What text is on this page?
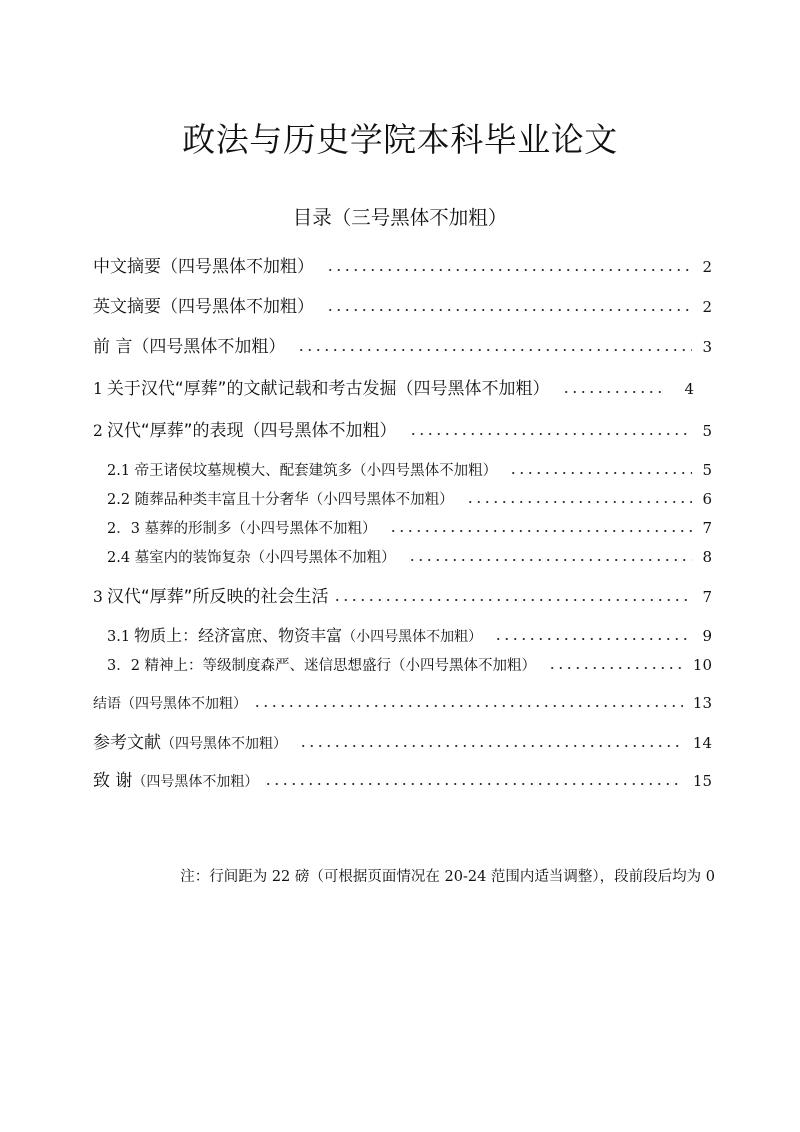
政法与历史学院本科毕业论文
目录（三号黑体不加粗）
中文摘要（四号黑体不加粗）	2
英文摘要（四号黑体不加粗）	2
前 言（四号黑体不加粗）	3
1 关于汉代“厚葬”的文献记载和考古发掘（四号黑体不加粗）	4
2 汉代“厚葬”的表现（四号黑体不加粗）	5
2.1 帝王诸侯坟墓规模大、配套建筑多（小四号黑体不加粗）	5
2.2 随葬品种类丰富且十分奢华（小四号黑体不加粗）	6
2．3 墓葬的形制多（小四号黑体不加粗）	7
2.4 墓室内的装饰复杂（小四号黑体不加粗）	8
3 汉代“厚葬”所反映的社会生活	7
3.1 物质上：经济富庶、物资丰富 （小四号黑体不加粗）	9
3．2 精神上：等级制度森严、迷信思想盛行（小四号黑体不加粗）	10
结语（四号黑体不加粗）	13
参考文献 （四号黑体不加粗）	14
致 谢 （四号黑体不加粗）	15
注：行间距为 22 磅（可根据页面情况在 20-24 范围内适当调整），段前段后均为 0
